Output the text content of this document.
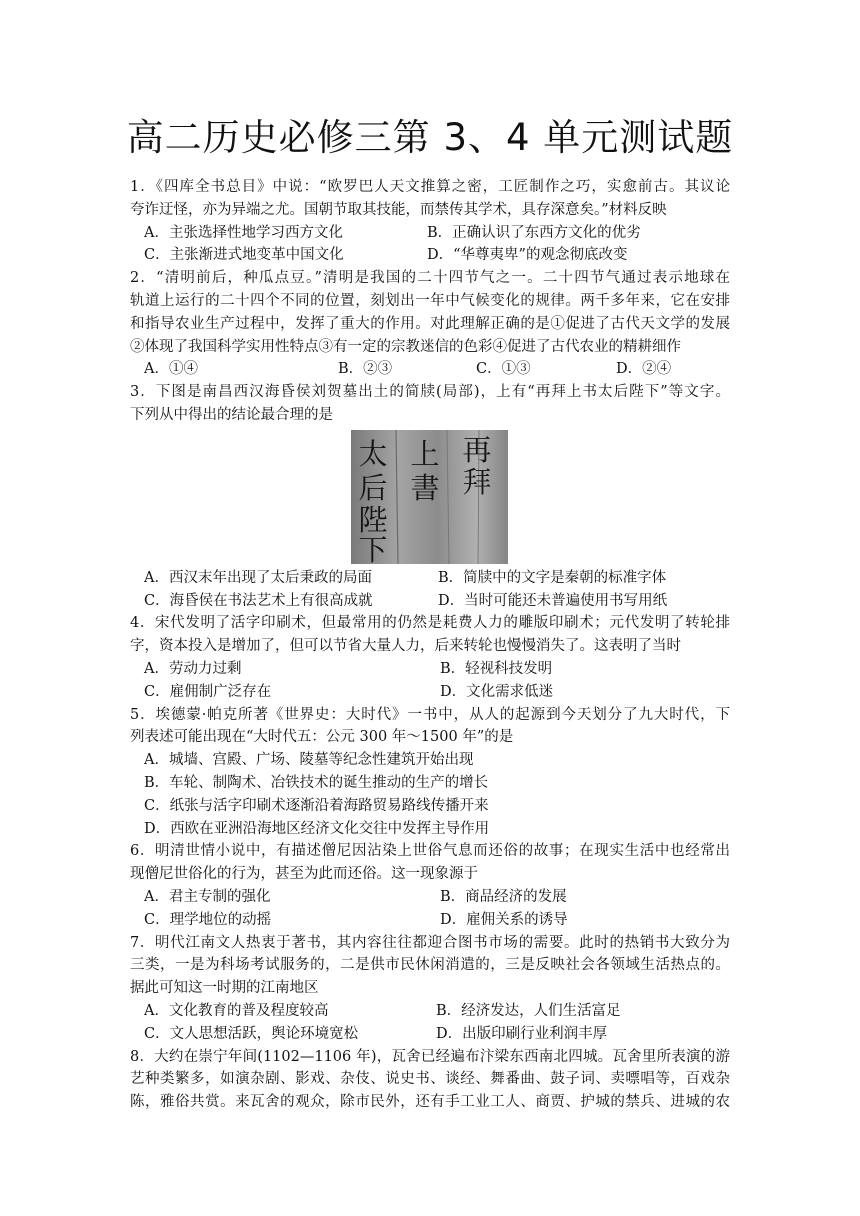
高二历史必修三第 3、4 单元测试题

1．《四库全书总目》中说：“欧罗巴人天文推算之密，工匠制作之巧，实愈前古。其议论

夸诈迂怪，亦为异端之尤。国朝节取其技能，而禁传其学术，具存深意矣。”材料反映

A．主张选择性地学习西方文化	B．正确认识了东西方文化的优劣
C．主张渐进式地变革中国文化	D．“华尊夷卑”的观念彻底改变

2．“清明前后，种瓜点豆。”清明是我国的二十四节气之一。二十四节气通过表示地球在

轨道上运行的二十四个不同的位置，刻划出一年中气候变化的规律。两千多年来，它在安排

和指导农业生产过程中，发挥了重大的作用。对此理解正确的是①促进了古代天文学的发展

②体现了我国科学实用性特点③有一定的宗教迷信的色彩④促进了古代农业的精耕细作

A．①④	B．②③	C．①③	D．②④

3．下图是南昌西汉海昏侯刘贺墓出土的简牍(局部)，上有“再拜上书太后陛下”等文字。

下列从中得出的结论最合理的是

再
拜
上
書
太
后
陛
下
A．西汉末年出现了太后秉政的局面	B．简牍中的文字是秦朝的标准字体
C．海昏侯在书法艺术上有很高成就	D．当时可能还未普遍使用书写用纸

4．宋代发明了活字印刷术，但最常用的仍然是耗费人力的雕版印刷术；元代发明了转轮排

字，资本投入是增加了，但可以节省大量人力，后来转轮也慢慢消失了。这表明了当时

A．劳动力过剩	B．轻视科技发明
C．雇佣制广泛存在	D．文化需求低迷

5．埃德蒙·帕克所著《世界史：大时代》一书中，从人的起源到今天划分了九大时代，下

列表述可能出现在“大时代五：公元 300 年～1500 年”的是

A．城墙、宫殿、广场、陵墓等纪念性建筑开始出现
B．车轮、制陶术、冶铁技术的诞生推动的生产的增长
C．纸张与活字印刷术逐渐沿着海路贸易路线传播开来
D．西欧在亚洲沿海地区经济文化交往中发挥主导作用

6．明清世情小说中，有描述僧尼因沾染上世俗气息而还俗的故事；在现实生活中也经常出

现僧尼世俗化的行为，甚至为此而还俗。这一现象源于

A．君主专制的强化	B．商品经济的发展
C．理学地位的动摇	D．雇佣关系的诱导

7．明代江南文人热衷于著书，其内容往往都迎合图书市场的需要。此时的热销书大致分为

三类，一是为科场考试服务的，二是供市民休闲消遣的，三是反映社会各领域生活热点的。

据此可知这一时期的江南地区

A．文化教育的普及程度较高	B．经济发达，人们生活富足
C．文人思想活跃，舆论环境宽松	D．出版印刷行业利润丰厚

8．大约在崇宁年间(1102—1106 年)，瓦舍已经遍布汴梁东西南北四城。瓦舍里所表演的游

艺种类繁多，如演杂剧、影戏、杂伎、说史书、谈经、舞番曲、鼓子词、卖嘌唱等，百戏杂

陈，雅俗共赏。来瓦舍的观众，除市民外，还有手工业工人、商贾、护城的禁兵、进城的农
